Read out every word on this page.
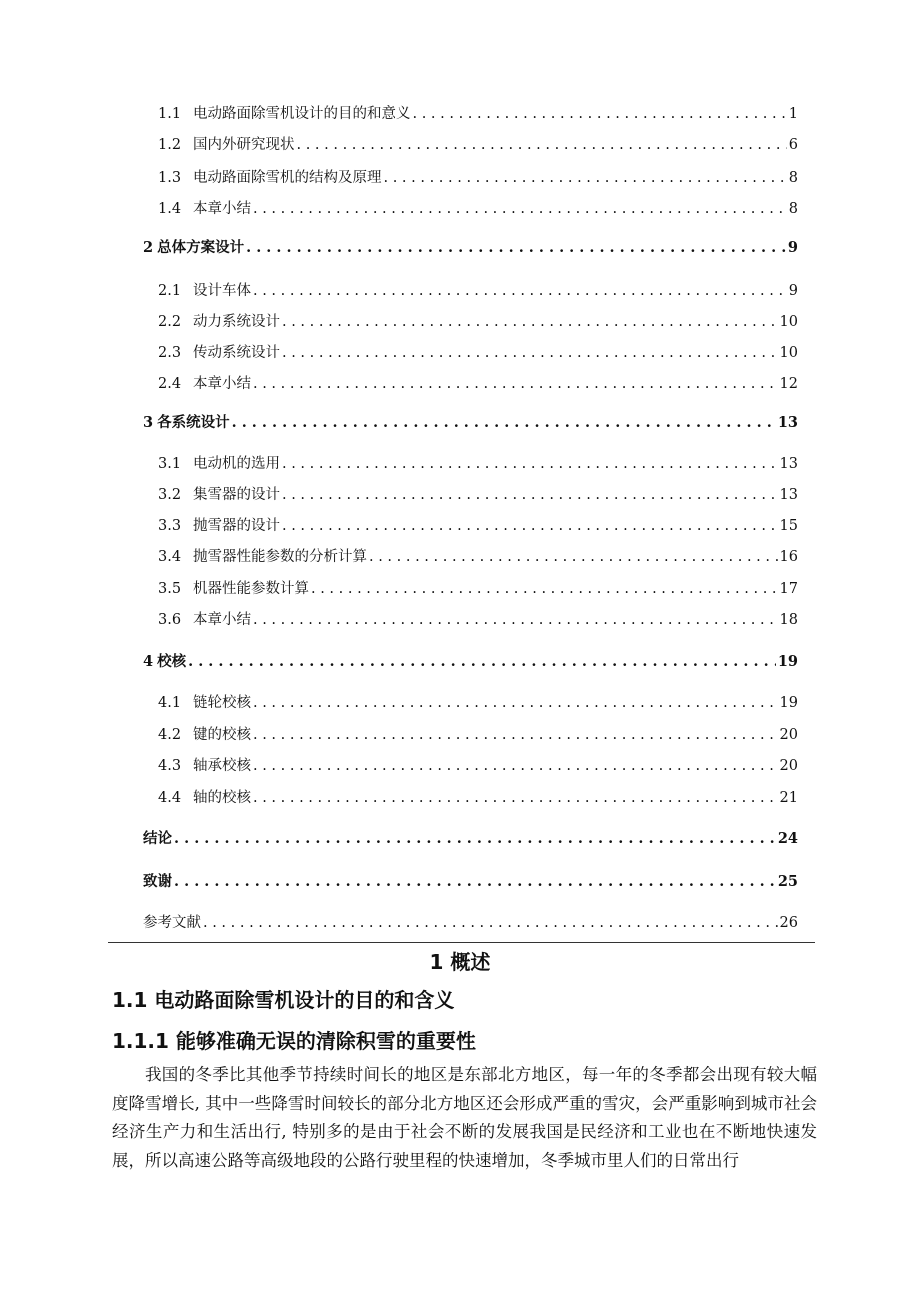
1.1 电动路面除雪机设计的目的和意义 . . .	1
1.2 国内外研究现状 . . .	6
1.3 电动路面除雪机的结构及原理 . . .	8
1.4 本章小结 . . .	8
2 总体方案设计 . . .	9
2.1 设计车体 . . .	9
2.2 动力系统设计 . . .	10
2.3 传动系统设计 . . .	10
2.4 本章小结 . . .	12
3 各系统设计 . . .	13
3.1 电动机的选用 . . .	13
3.2 集雪器的设计 . . .	13
3.3 抛雪器的设计 . . .	15
3.4 抛雪器性能参数的分析计算 . . .	16
3.5 机器性能参数计算 . . .	17
3.6 本章小结 . . .	18
4 校核 . . .	19
4.1 链轮校核 . . .	19
4.2 键的校核 . . .	20
4.3 轴承校核 . . .	20
4.4 轴的校核 . . .	21
结论 . . .	24
致谢 . . .	25
参考文献 . . .	26
1 概述
1.1 电动路面除雪机设计的目的和含义
1.1.1 能够准确无误的清除积雪的重要性
我国的冬季比其他季节持续时间长的地区是东部北方地区，每一年的冬季都会出现有较大幅度降雪增长, 其中一些降雪时间较长的部分北方地区还会形成严重的雪灾，会严重影响到城市社会经济生产力和生活出行, 特别多的是由于社会不断的发展我国是民经济和工业也在不断地快速发展，所以高速公路等高级地段的公路行驶里程的快速增加，冬季城市里人们的日常出行
